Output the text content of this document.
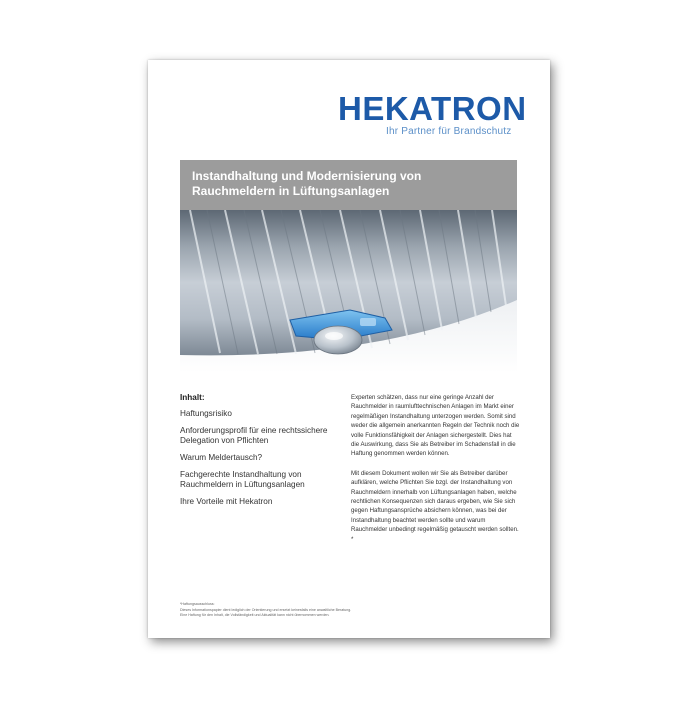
HEKATRON
Ihr Partner für Brandschutz
Instandhaltung und Modernisierung von
Rauchmeldern in Lüftungsanlagen
Inhalt:
Haftungsrisiko
Anforderungsprofil für eine rechtssichere Delegation von Pflichten
Warum Meldertausch?
Fachgerechte Instandhaltung von Rauchmeldern in Lüftungsanlagen
Ihre Vorteile mit Hekatron

Experten schätzen, dass nur eine geringe Anzahl der Rauchmelder in raumlufttechnischen Anlagen im Markt einer regelmäßigen Instandhaltung unterzogen werden. Somit sind weder die allgemein anerkannten Regeln der Technik noch die volle Funktionsfähigkeit der Anlagen sichergestellt. Dies hat die Auswirkung, dass Sie als Betreiber im Schadensfall in die Haftung genommen werden können.

Mit diesem Dokument wollen wir Sie als Betreiber darüber aufklären, welche Pflichten Sie bzgl. der Instandhaltung von Rauchmeldern innerhalb von Lüftungsanlagen haben, welche rechtlichen Konsequenzen sich daraus ergeben, wie Sie sich gegen Haftungsansprüche absichern können, was bei der Instandhaltung beachtet werden sollte und warum Rauchmelder unbedingt regelmäßig getauscht werden sollten. *

*Haftungsausschluss:
Dieses Informationspapier dient lediglich der Orientierung und ersetzt keinesfalls eine anwaltliche Beratung.
Eine Haftung für den Inhalt, die Vollständigkeit und Aktualität kann nicht übernommen werden.
